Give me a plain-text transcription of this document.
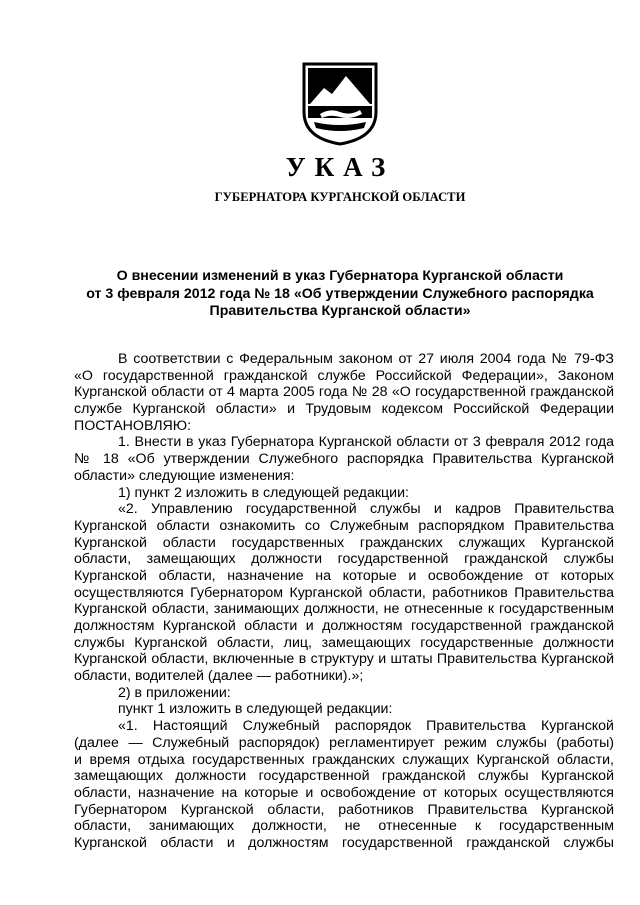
УКАЗ
ГУБЕРНАТОРА КУРГАНСКОЙ ОБЛАСТИ
О внесении изменений в указ Губернатора Курганской области
от 3 февраля 2012 года № 18 «Об утверждении Служебного распорядка
Правительства Курганской области»
В соответствии с Федеральным законом от 27 июля 2004 года № 79-ФЗ
«О государственной гражданской службе Российской Федерации», Законом
Курганской области от 4 марта 2005 года № 28 «О государственной гражданской
службе Курганской области» и Трудовым кодексом Российской Федерации
ПОСТАНОВЛЯЮ:
1. Внести в указ Губернатора Курганской области от 3 февраля 2012 года
№ 18 «Об утверждении Служебного распорядка Правительства Курганской
области» следующие изменения:
1) пункт 2 изложить в следующей редакции:
«2. Управлению государственной службы и кадров Правительства
Курганской области ознакомить со Служебным распорядком Правительства
Курганской области государственных гражданских служащих Курганской
области, замещающих должности государственной гражданской службы
Курганской области, назначение на которые и освобождение от которых
осуществляются Губернатором Курганской области, работников Правительства
Курганской области, занимающих должности, не отнесенные к государственным
должностям Курганской области и должностям государственной гражданской
службы Курганской области, лиц, замещающих государственные должности
Курганской области, включенные в структуру и штаты Правительства Курганской
области, водителей (далее — работники).»;
2) в приложении:
пункт 1 изложить в следующей редакции:
«1. Настоящий Служебный распорядок Правительства Курганской
(далее — Служебный распорядок) регламентирует режим службы (работы)
и время отдыха государственных гражданских служащих Курганской области,
замещающих должности государственной гражданской службы Курганской
области, назначение на которые и освобождение от которых осуществляются
Губернатором Курганской области, работников Правительства Курганской
области, занимающих должности, не отнесенные к государственным
Курганской области и должностям государственной гражданской службы
